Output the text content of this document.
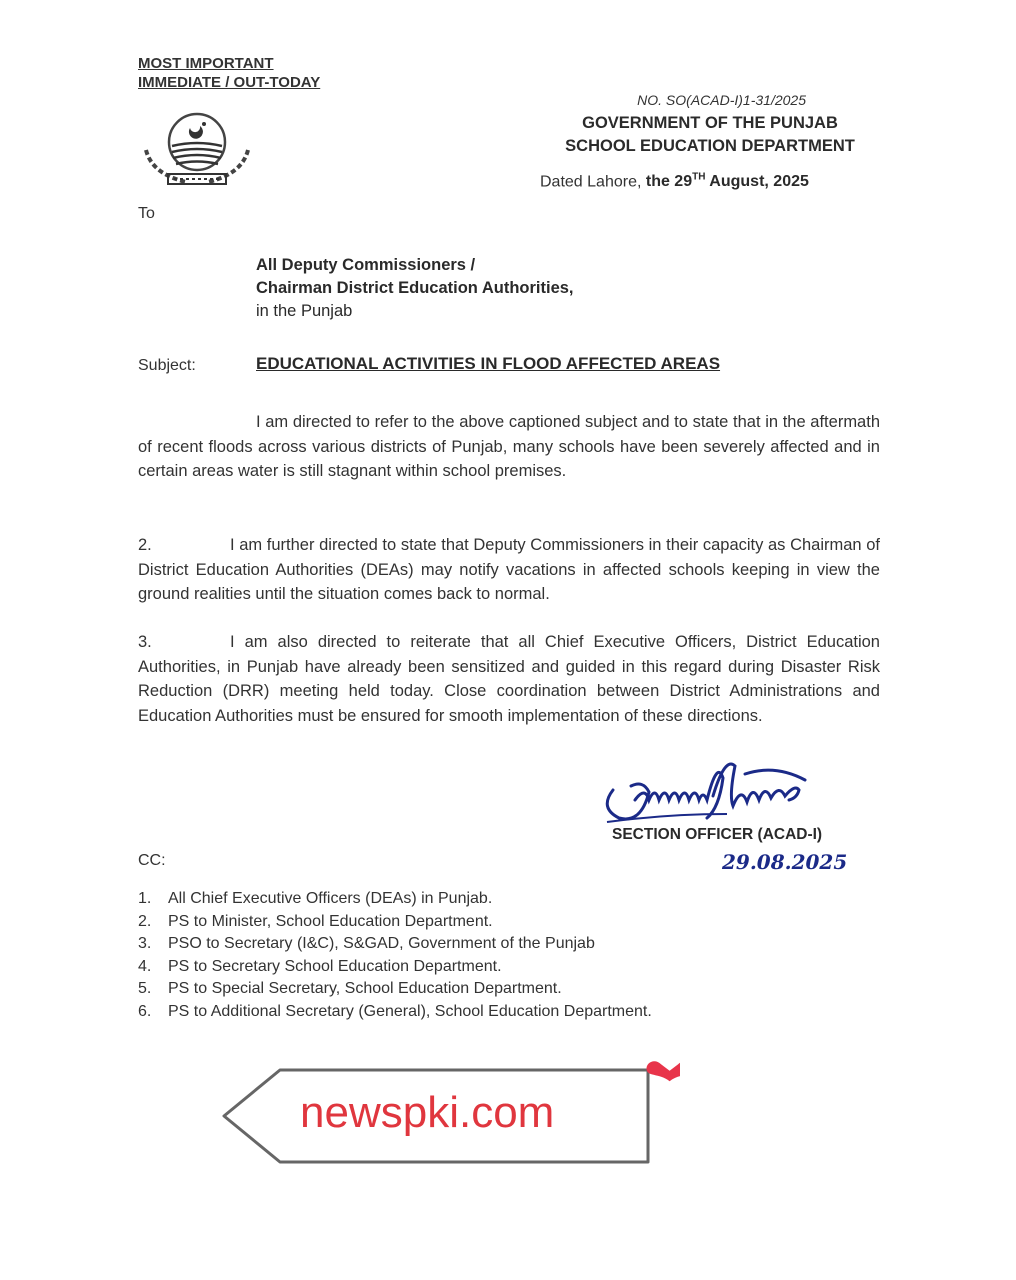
MOST IMPORTANT
IMMEDIATE / OUT-TODAY
NO. SO(ACAD-I)1-31/2025
GOVERNMENT OF THE PUNJAB
SCHOOL EDUCATION DEPARTMENT
Dated Lahore, the 29TH August, 2025
To
All Deputy Commissioners /
Chairman District Education Authorities,
in the Punjab
Subject:	EDUCATIONAL ACTIVITIES IN FLOOD AFFECTED AREAS
I am directed to refer to the above captioned subject and to state that in the aftermath of recent floods across various districts of Punjab, many schools have been severely affected and in certain areas water is still stagnant within school premises.
2.	I am further directed to state that Deputy Commissioners in their capacity as Chairman of District Education Authorities (DEAs) may notify vacations in affected schools keeping in view the ground realities until the situation comes back to normal.
3.	I am also directed to reiterate that all Chief Executive Officers, District Education Authorities, in Punjab have already been sensitized and guided in this regard during Disaster Risk Reduction (DRR) meeting held today. Close coordination between District Administrations and Education Authorities must be ensured for smooth implementation of these directions.
SECTION OFFICER (ACAD-I)
29.08.2025
CC:
1.	All Chief Executive Officers (DEAs) in Punjab.
2.	PS to Minister, School Education Department.
3.	PSO to Secretary (I&C), S&GAD, Government of the Punjab
4.	PS to Secretary School Education Department.
5.	PS to Special Secretary, School Education Department.
6.	PS to Additional Secretary (General), School Education Department.
newspki.com
